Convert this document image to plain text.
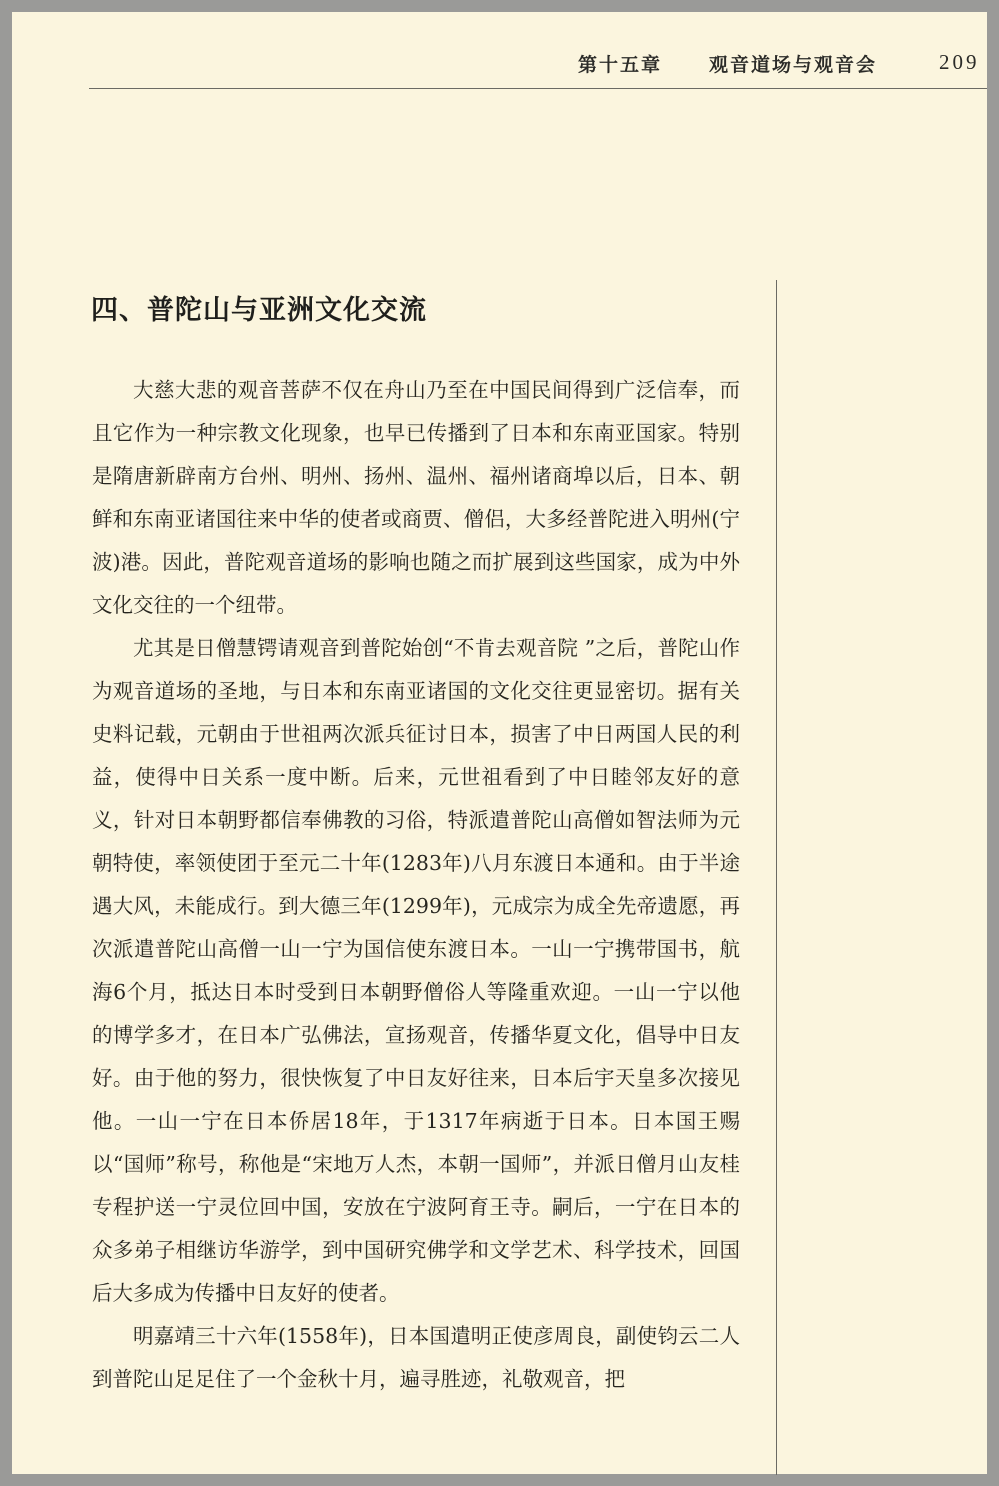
第十五章 观音道场与观音会	209
四、普陀山与亚洲文化交流

大慈大悲的观音菩萨不仅在舟山乃至在中国民间得到广泛信奉，而且它作为一种宗教文化现象，也早已传播到了日本和东南亚国家。特别是隋唐新辟南方台州、明州、扬州、温州、福州诸商埠以后，日本、朝鲜和东南亚诸国往来中华的使者或商贾、僧侣，大多经普陀进入明州(宁波)港。因此，普陀观音道场的影响也随之而扩展到这些国家，成为中外文化交往的一个纽带。

尤其是日僧慧锷请观音到普陀始创“不肯去观音院 ”之后，普陀山作为观音道场的圣地，与日本和东南亚诸国的文化交往更显密切。据有关史料记载，元朝由于世祖两次派兵征讨日本，损害了中日两国人民的利益，使得中日关系一度中断。后来，元世祖看到了中日睦邻友好的意义，针对日本朝野都信奉佛教的习俗，特派遣普陀山高僧如智法师为元朝特使，率领使团于至元二十年(1283年)八月东渡日本通和。由于半途遇大风，未能成行。到大德三年(1299年)，元成宗为成全先帝遗愿，再次派遣普陀山高僧一山一宁为国信使东渡日本。一山一宁携带国书，航海6个月，抵达日本时受到日本朝野僧俗人等隆重欢迎。一山一宁以他的博学多才，在日本广弘佛法，宣扬观音，传播华夏文化，倡导中日友好。由于他的努力，很快恢复了中日友好往来，日本后宇天皇多次接见他。一山一宁在日本侨居18年，于1317年病逝于日本。日本国王赐以“国师”称号，称他是“宋地万人杰，本朝一国师”，并派日僧月山友桂专程护送一宁灵位回中国，安放在宁波阿育王寺。嗣后，一宁在日本的众多弟子相继访华游学，到中国研究佛学和文学艺术、科学技术，回国后大多成为传播中日友好的使者。

明嘉靖三十六年(1558年)，日本国遣明正使彦周良，副使钧云二人到普陀山足足住了一个金秋十月，遍寻胜迹，礼敬观音，把
